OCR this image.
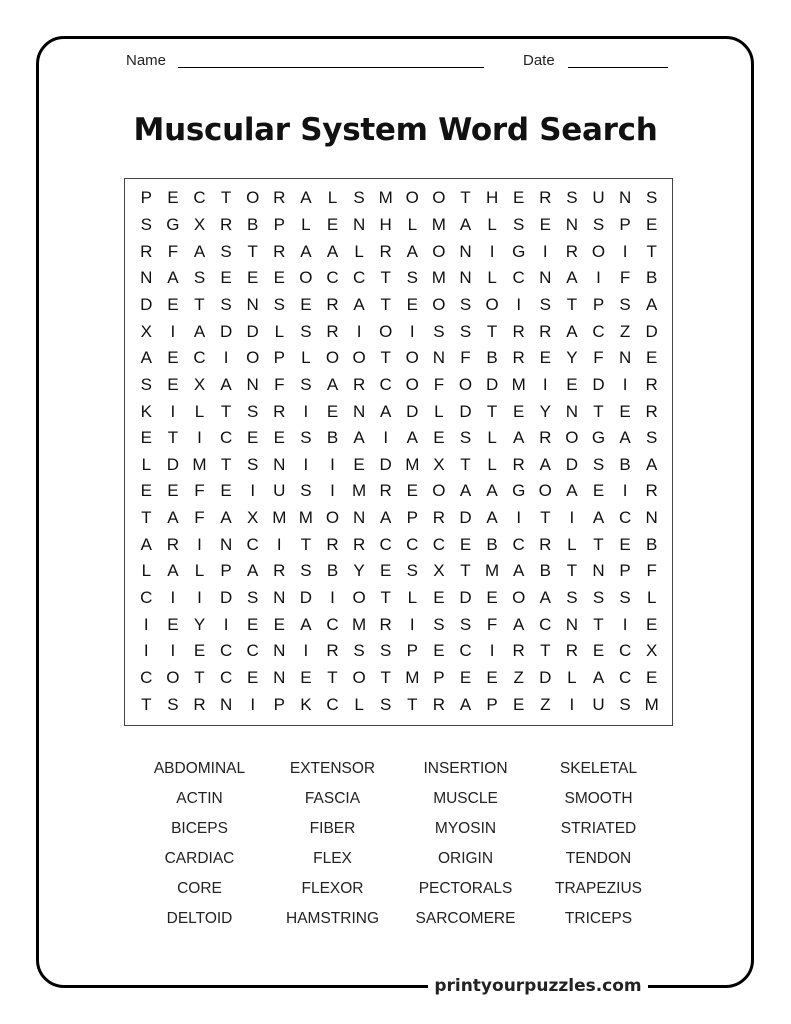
Name	Date
Muscular System Word Search
P E C T O R A L S M O O T H E R S U N S
S G X R B P L E N H L M A L S E N S P E
R F A S T R A A L R A O N	I	G	I	R O	I	T
N A S E E E O C C T S M N L C N A	I	F B
D E T S N S E R A T E O S O	I	S T P S A
X	I	A D D L S R	I	O	I	S S T R R A C Z D
A E C	I	O P L O O T O N F B R E Y F N E
S E X A N F S A R C O F O D M	I	E D	I	R
K	I	L T S R	I	E N A D L D T E Y N T E R
E T	I	C E E S B A	I	A E S L A R O G A S
L D M T S N	I	I	E D M X T L R A D S B A
E E F E	I	U S	I	M R E O A A G O A E	I	R
T A F A X M M O N A P R D A	I	T	I	A C N
A R	I	N C	I	T R R C C C E B C R L T E B
L A L P A R S B Y E S X T M A B T N P F
C	I	I	D S N D	I	O T L E D E O A S S S L
I	E Y	I	E E A C M R	I	S S F A C N T	I	E
I	I	E C C N	I	R S S P E C	I	R T R E C X
C O T C E N E T O T M P E E Z D L A C E
T S R N	I	P K C L S T R A P E Z	I	U S M
ABDOMINAL	EXTENSOR	INSERTION	SKELETAL
ACTIN	FASCIA	MUSCLE	SMOOTH
BICEPS	FIBER	MYOSIN	STRIATED
CARDIAC	FLEX	ORIGIN	TENDON
CORE	FLEXOR	PECTORALS	TRAPEZIUS
DELTOID	HAMSTRING	SARCOMERE	TRICEPS
printyourpuzzles.com
